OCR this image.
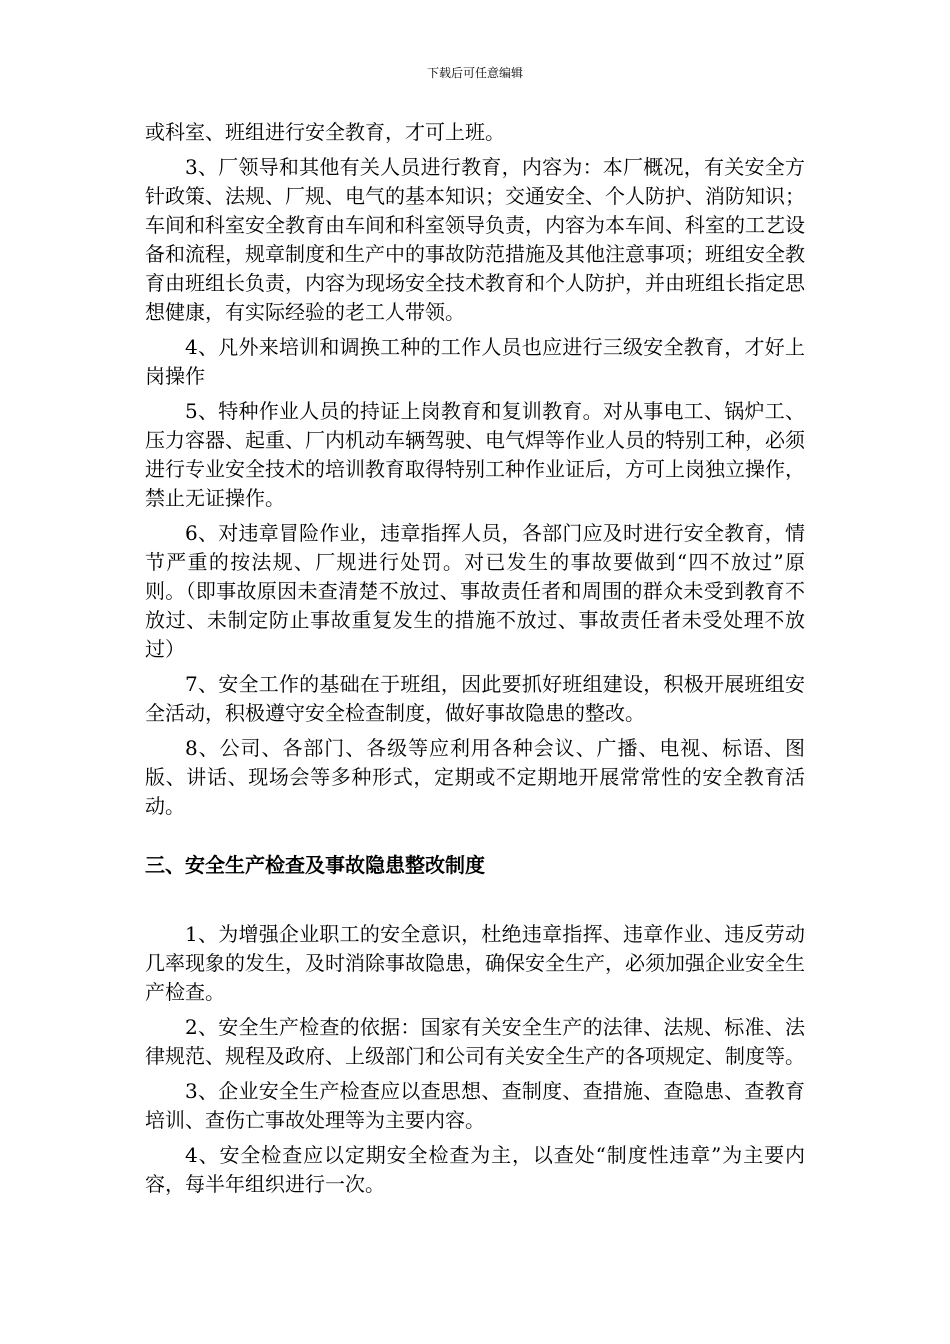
下载后可任意编辑

或科室、班组进行安全教育，才可上班。

3、厂领导和其他有关人员进行教育，内容为：本厂概况，有关安全方针政策、法规、厂规、电气的基本知识；交通安全、个人防护、消防知识；车间和科室安全教育由车间和科室领导负责，内容为本车间、科室的工艺设备和流程，规章制度和生产中的事故防范措施及其他注意事项；班组安全教育由班组长负责，内容为现场安全技术教育和个人防护，并由班组长指定思想健康，有实际经验的老工人带领。

4、凡外来培训和调换工种的工作人员也应进行三级安全教育，才好上岗操作

5、特种作业人员的持证上岗教育和复训教育。对从事电工、锅炉工、压力容器、起重、厂内机动车辆驾驶、电气焊等作业人员的特别工种，必须进行专业安全技术的培训教育取得特别工种作业证后，方可上岗独立操作，禁止无证操作。

6、对违章冒险作业，违章指挥人员，各部门应及时进行安全教育，情节严重的按法规、厂规进行处罚。对已发生的事故要做到“四不放过”原则。（即事故原因未查清楚不放过、事故责任者和周围的群众未受到教育不放过、未制定防止事故重复发生的措施不放过、事故责任者未受处理不放过）

7、安全工作的基础在于班组，因此要抓好班组建设，积极开展班组安全活动，积极遵守安全检查制度，做好事故隐患的整改。

8、公司、各部门、各级等应利用各种会议、广播、电视、标语、图版、讲话、现场会等多种形式，定期或不定期地开展常常性的安全教育活动。

三、安全生产检查及事故隐患整改制度

1、为增强企业职工的安全意识，杜绝违章指挥、违章作业、违反劳动几率现象的发生，及时消除事故隐患，确保安全生产，必须加强企业安全生产检查。

2、安全生产检查的依据：国家有关安全生产的法律、法规、标准、法律规范、规程及政府、上级部门和公司有关安全生产的各项规定、制度等。

3、企业安全生产检查应以查思想、查制度、查措施、查隐患、查教育培训、查伤亡事故处理等为主要内容。

4、安全检查应以定期安全检查为主，以查处“制度性违章”为主要内容，每半年组织进行一次。
